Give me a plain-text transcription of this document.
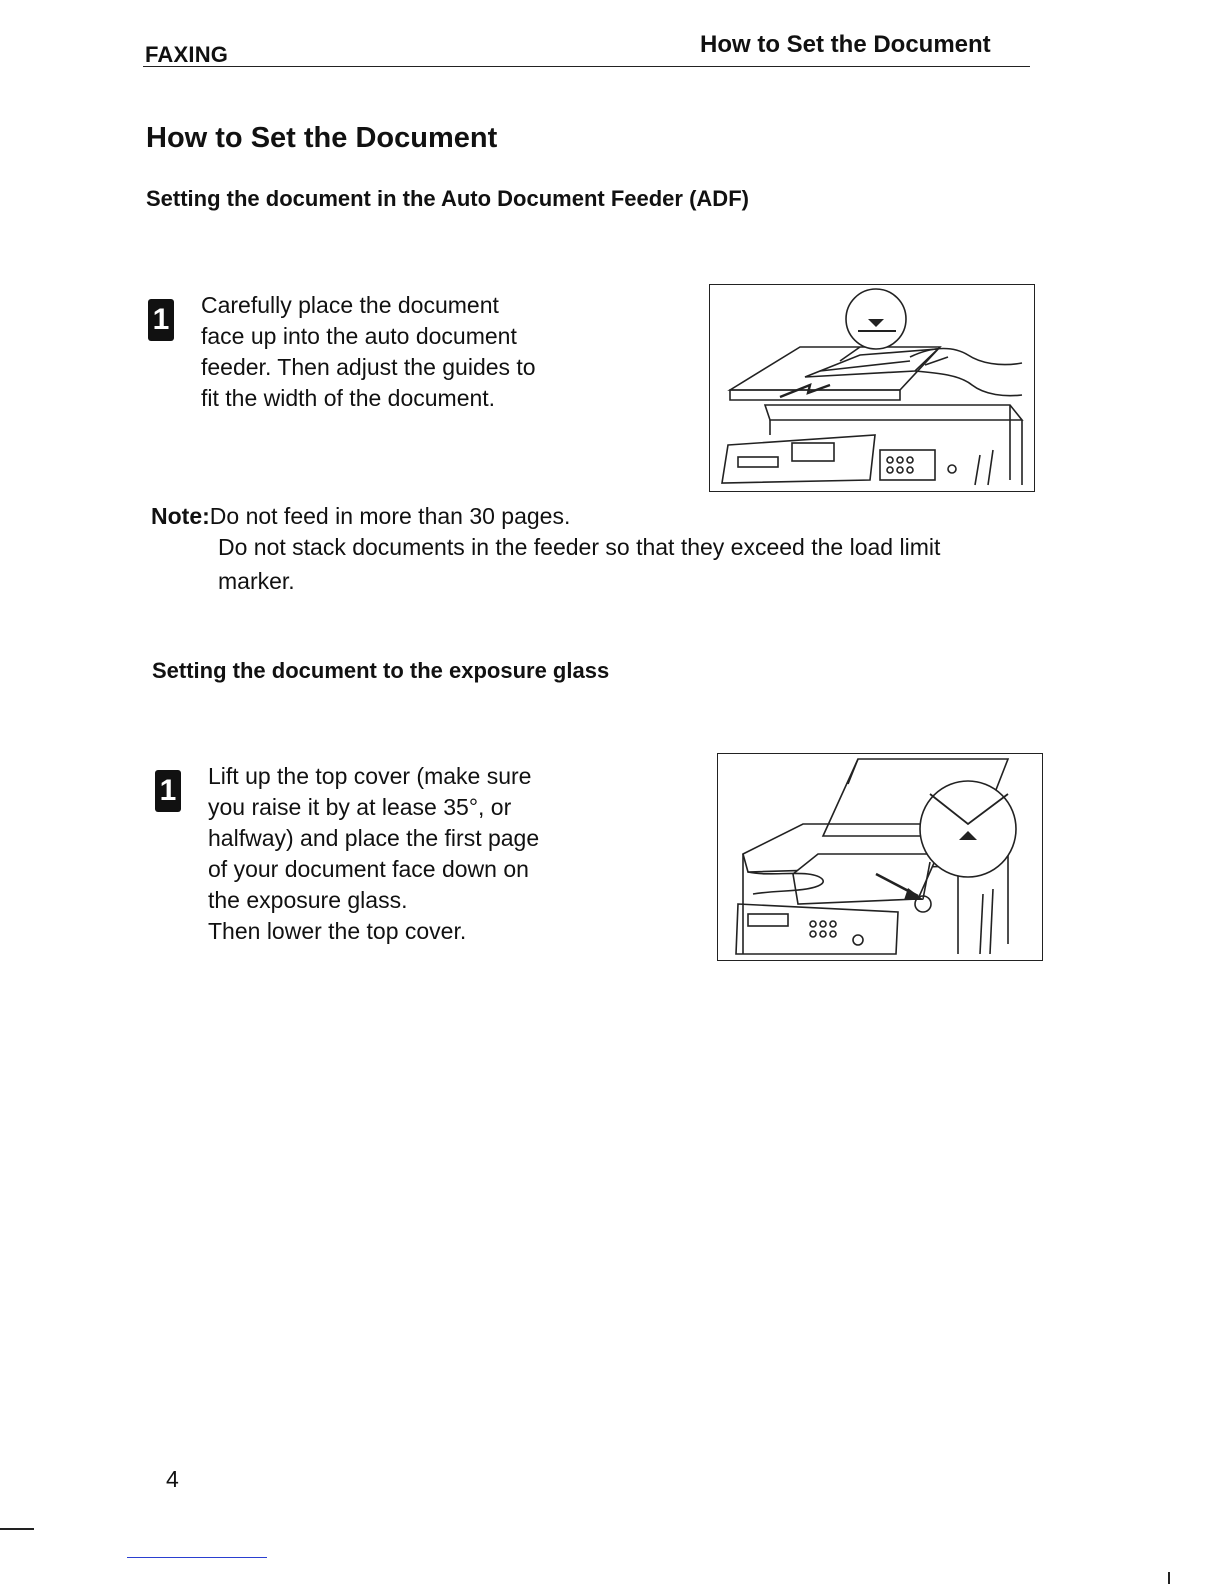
FAXING	How to Set the Document
How to Set the Document
Setting the document in the Auto Document Feeder (ADF)
1 Carefully place the document

face up into the auto document

feeder. Then adjust the guides to

fit the width of the document.

Note:Do not feed in more than 30 pages.
Do not stack documents in the feeder so that they exceed the load limit
marker.
Setting the document to the exposure glass
1 Lift up the top cover (make sure

you raise it by at lease 35°, or

halfway) and place the first page

of your document face down on

the exposure glass.

Then lower the top cover.

4
